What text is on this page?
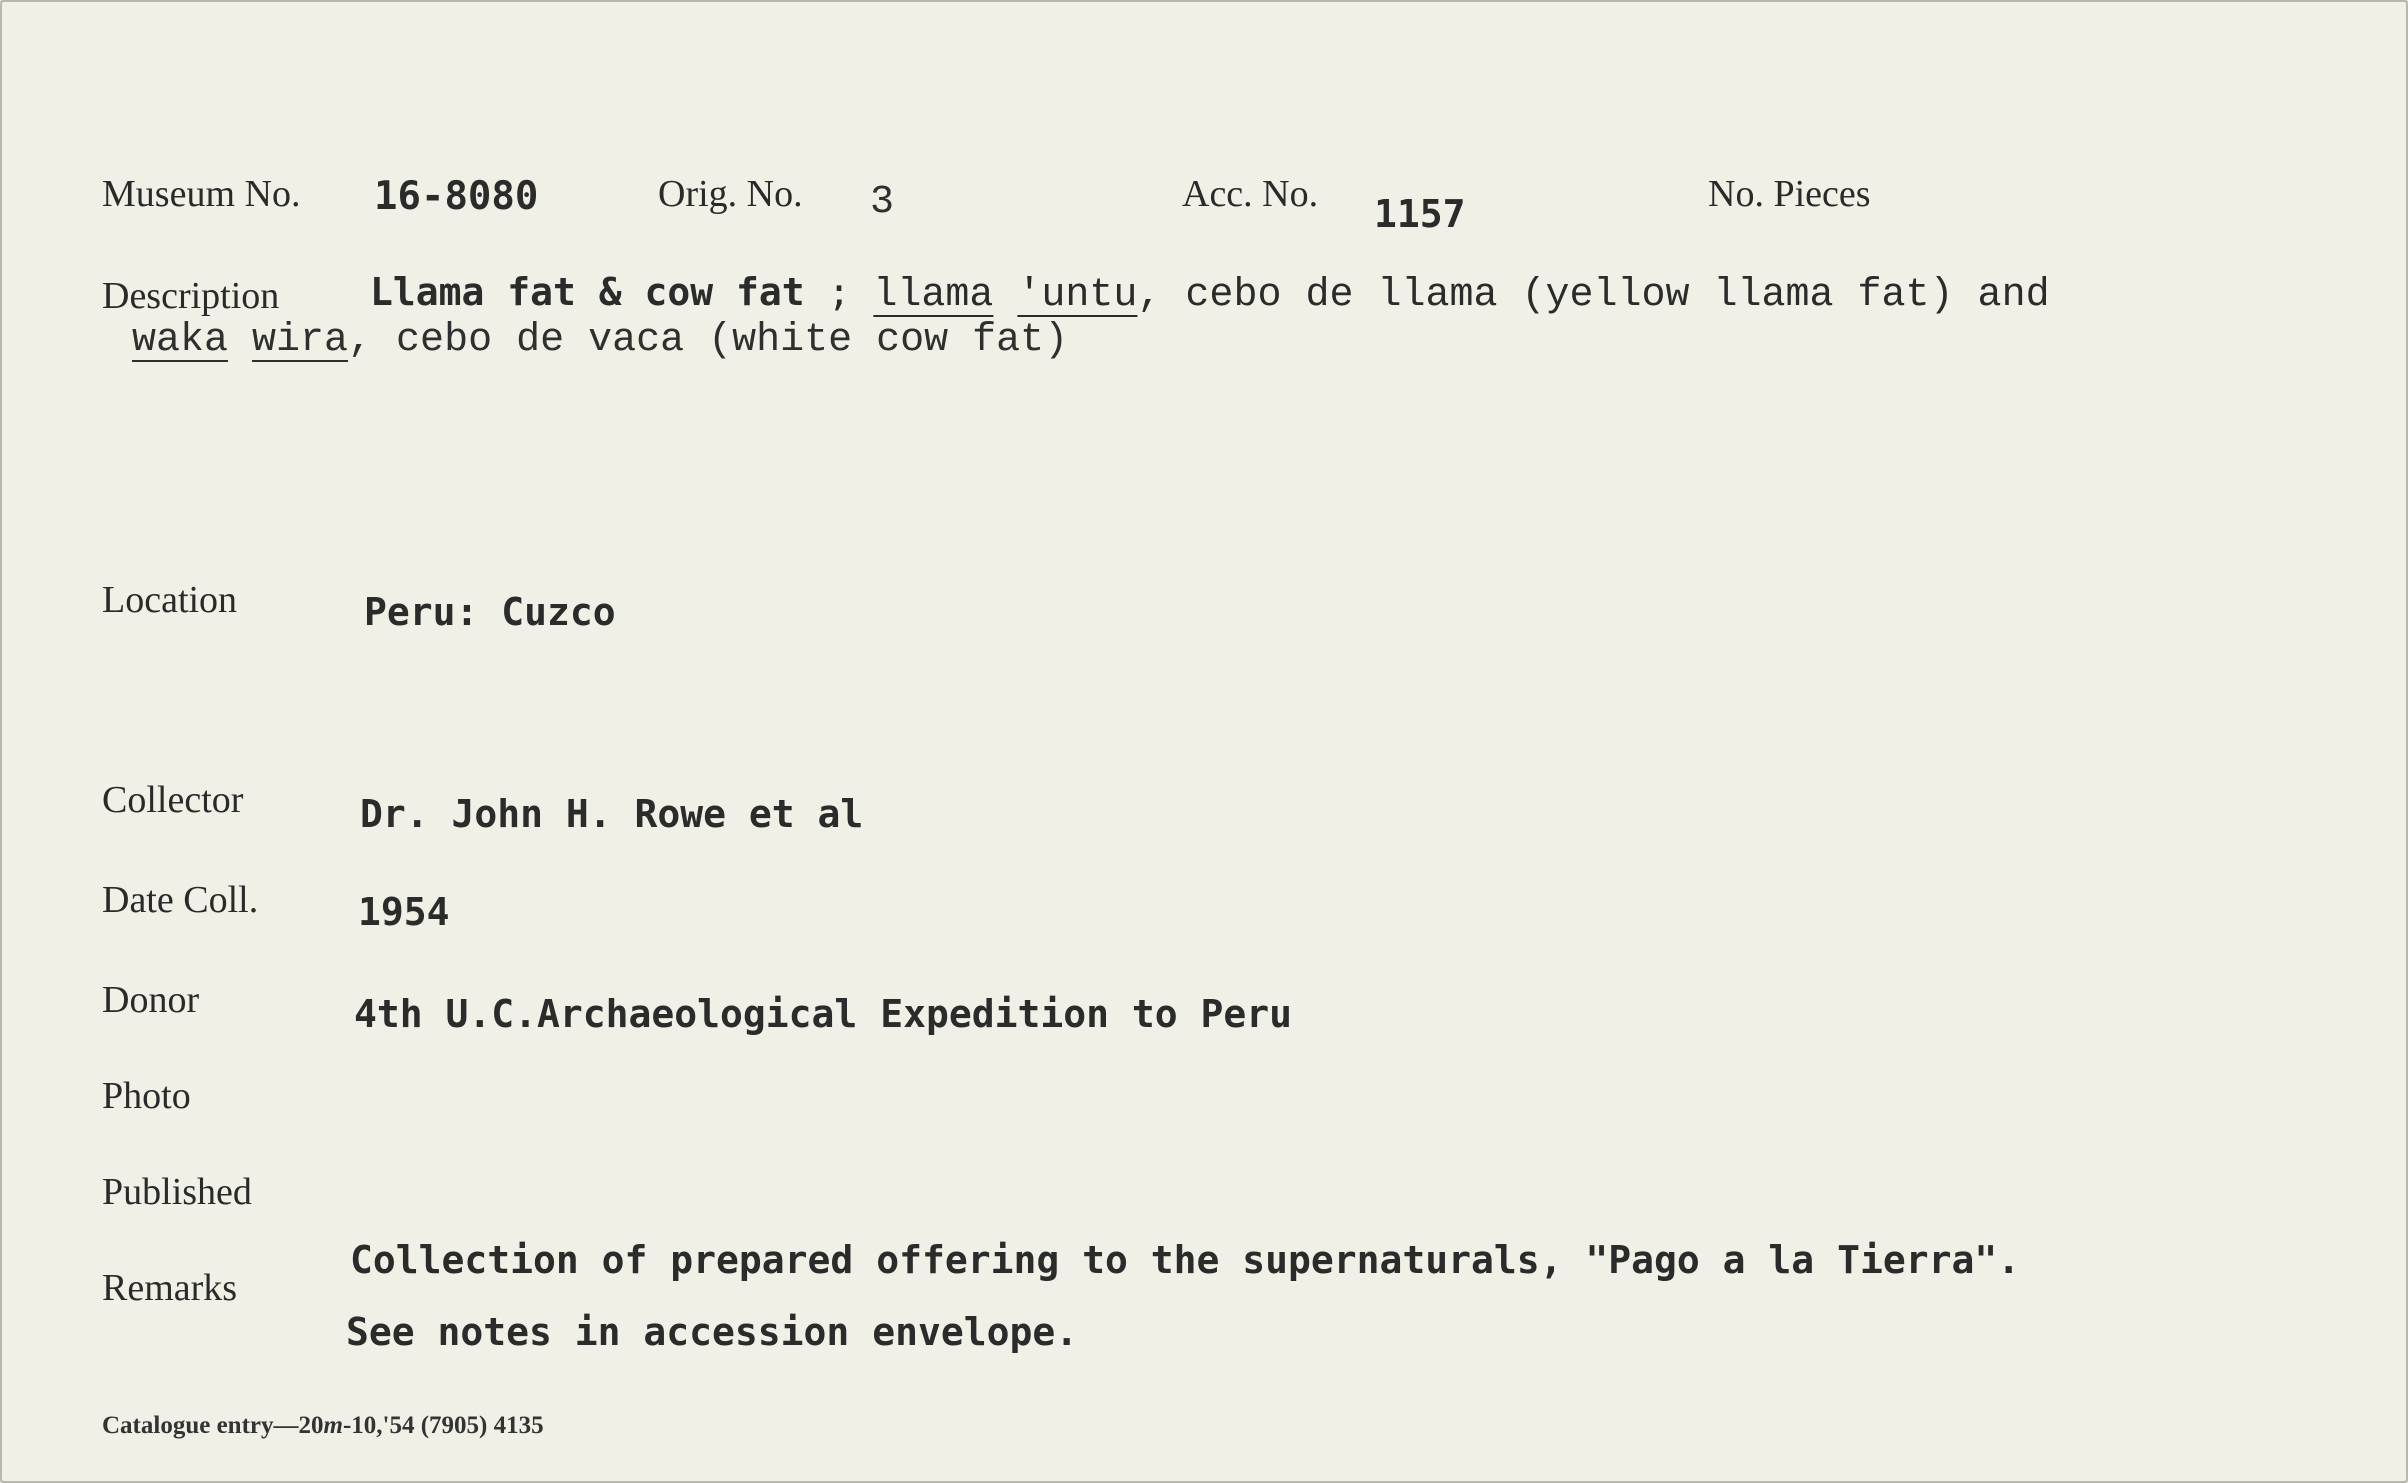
Museum No. 16-8080	Orig. No. 3	Acc. No. 1157	No. Pieces
Description Llama fat & cow fat ; llama 'untu, cebo de llama (yellow llama fat) and
waka wira, cebo de vaca (white cow fat)
Location	Peru: Cuzco
Collector	Dr. John H. Rowe et al
Date Coll.	1954
Donor	4th U.C.Archaeological Expedition to Peru
Photo
Published
Remarks
Collection of prepared offering to the supernaturals, "Pago a la Tierra".
See notes in accession envelope.
Catalogue entry—20m-10,'54 (7905) 4135
